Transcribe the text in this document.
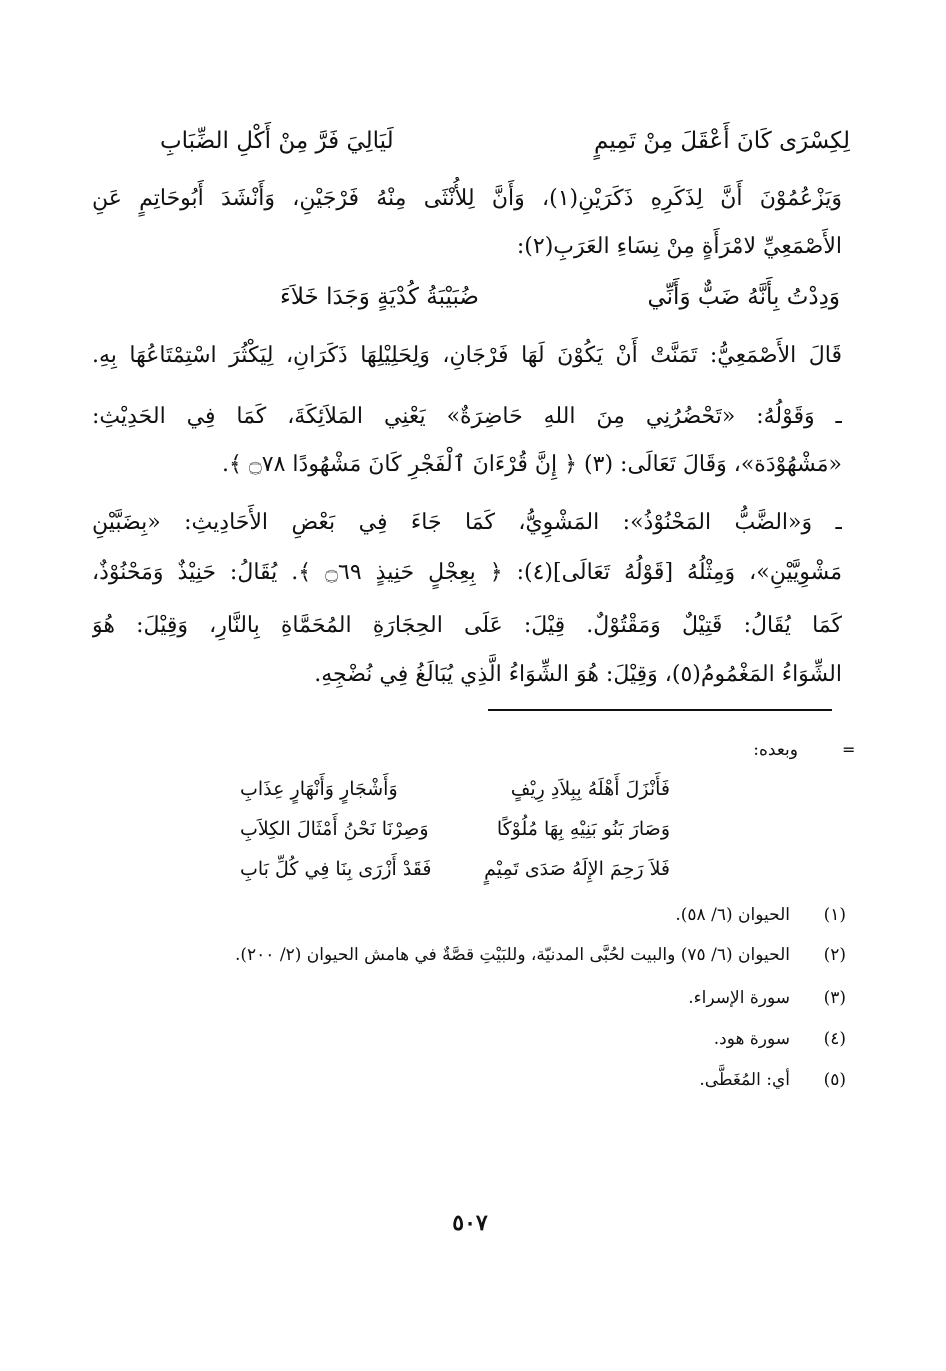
لِكِسْرَى كَانَ أَعْقَلَ مِنْ تَمِيمٍ
لَيَالِيَ فَرَّ مِنْ أَكْلِ الضِّبَابِ
وَيَزْعُمُوْنَ أَنَّ لِذَكَرِهِ ذَكَرَيْنِ(١)، وَأَنَّ لِلأُنْثَى مِنْهُ فَرْجَيْنِ، وَأَنْشَدَ أَبُوحَاتِمٍ عَنِ
الأَصْمَعِيِّ لامْرَأَةٍ مِنْ نِسَاءِ العَرَبِ(٢):
وَدِدْتُ بِأَنَّهُ ضَبٌّ وَأَنِّي
ضُبَيْبَةُ كُدْيَةٍ وَجَدَا خَلاَءَ
قَالَ الأَصْمَعِيُّ: تَمَنَّتْ أَنْ يَكُوْنَ لَهَا فَرْجَانِ، وَلِحَلِيْلِهَا ذَكَرَانِ، لِيَكْثُرَ اسْتِمْتَاعُهَا بِهِ.
ـ وَقَوْلُهُ: «تَحْضُرُنِي مِنَ اللهِ حَاضِرَةٌ» يَعْنِي المَلاَئِكَةَ، كَمَا فِي الحَدِيْثِ:
«مَشْهُوْدَة»، وَقَالَ تَعَالَى: (٣) ﴿ إِنَّ قُرْءَانَ ٱلْفَجْرِ كَانَ مَشْهُودًا ۝٧٨ ﴾.
ـ وَ«الضَّبُّ المَحْنُوْذُ»: المَشْوِيُّ، كَمَا جَاءَ فِي بَعْضِ الأَحَادِيثِ: «بِضَبَّيْنِ
مَشْوِيَّيْنِ»، وَمِثْلُهُ [قَوْلُهُ تَعَالَى](٤): ﴿ بِعِجْلٍ حَنِيذٍ ۝٦٩ ﴾. يُقَالُ: حَنِيْذٌ وَمَحْنُوْذٌ،
كَمَا يُقَالُ: قَتِيْلٌ وَمَقْتُوْلٌ. قِيْلَ: عَلَى الحِجَارَةِ المُحَمَّاةِ بِالنَّارِ، وَقِيْلَ: هُوَ
الشِّوَاءُ المَغْمُومُ(٥)، وَقِيْلَ: هُوَ الشِّوَاءُ الَّذِي يُبَالَغُ فِي نُضْجِهِ.
=
وبعده:
فَأَنْزَلَ أَهْلَهُ بِبِلاَدِ رِيْفٍ
وَأَشْجَارٍ وَأَنْهَارٍ عِذَابِ
وَصَارَ بَنُو بَنِيْهِ بِهَا مُلُوْكًا
وَصِرْنَا نَحْنُ أَمْثَالَ الكِلاَبِ
فَلاَ رَحِمَ الإِلَهُ صَدَى تَمِيْمٍ
فَقَدْ أَزْرَى بِنَا فِي كُلِّ بَابِ
(١)الحيوان (٦/ ٥٨).
(٢)الحيوان (٦/ ٧٥) والبيت لحُبَّى المدنيّة، وللبَيْتِ قصَّةٌ في هامش الحيوان (٢/ ٢٠٠).
(٣)سورة الإسراء.
(٤)سورة هود.
(٥)أي: المُغَطَّى.
٥٠٧
